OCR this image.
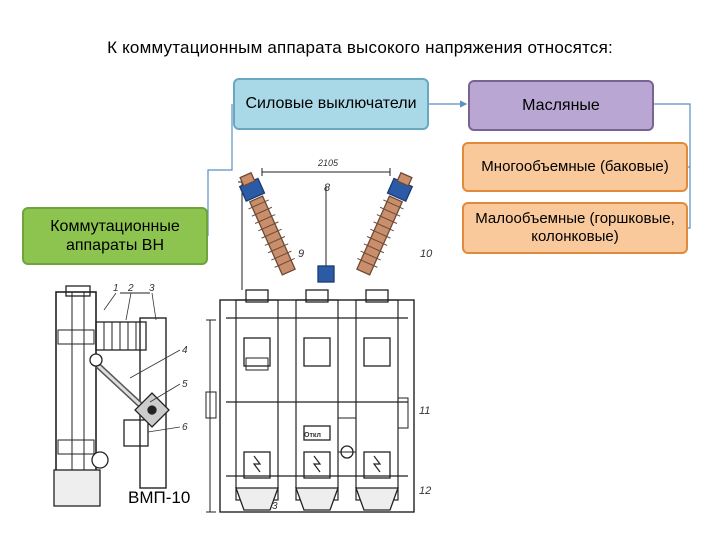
К коммутационным аппарата высокого напряжения относятся:
Коммутационные аппараты ВН
Силовые выключатели	Масляные
Многообъемные (баковые)
Малообъемные (горшковые, колонковые)
2105
8
9	10
1 2 3
4
5
6
11
12
3
Откл
ВМП-10
